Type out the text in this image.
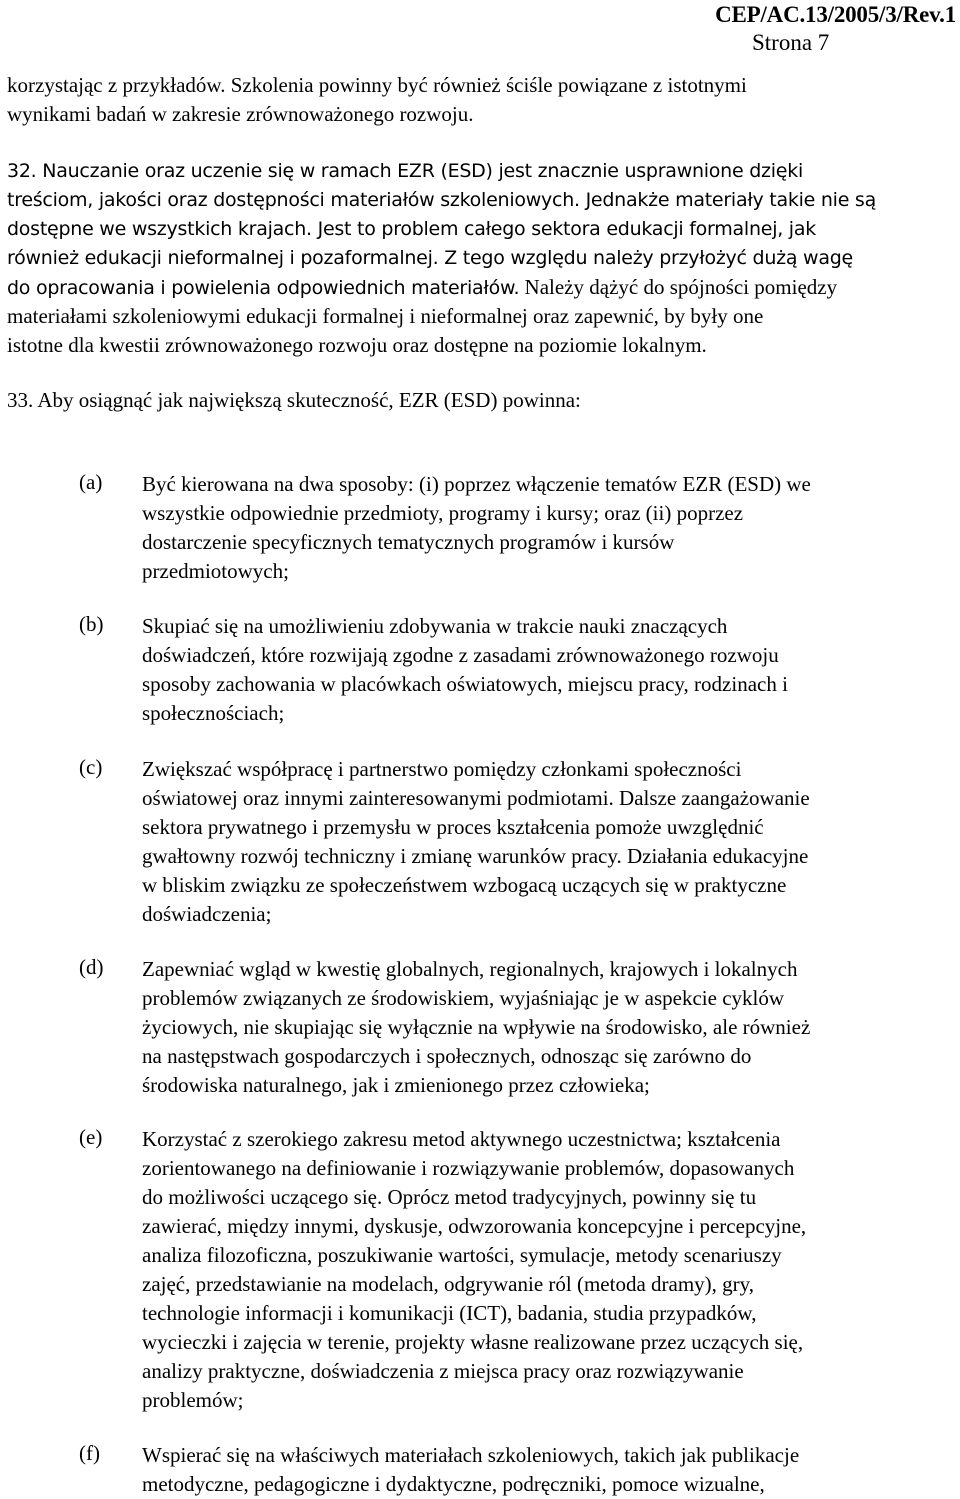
CEP/AC.13/2005/3/Rev.1
Strona 7
korzystając z przykładów. Szkolenia powinny być również ściśle powiązane z istotnymi
wynikami badań w zakresie zrównoważonego rozwoju.
32. Nauczanie oraz uczenie się w ramach EZR (ESD) jest znacznie usprawnione dzięki
treściom, jakości oraz dostępności materiałów szkoleniowych. Jednakże materiały takie nie są
dostępne we wszystkich krajach. Jest to problem całego sektora edukacji formalnej, jak
również edukacji nieformalnej i pozaformalnej. Z tego względu należy przyłożyć dużą wagę
do opracowania i powielenia odpowiednich materiałów. Należy dążyć do spójności pomiędzy
materiałami szkoleniowymi edukacji formalnej i nieformalnej oraz zapewnić, by były one
istotne dla kwestii zrównoważonego rozwoju oraz dostępne na poziomie lokalnym.
33. Aby osiągnąć jak największą skuteczność, EZR (ESD) powinna:
(a) Być kierowana na dwa sposoby: (i) poprzez włączenie tematów EZR (ESD) we
wszystkie odpowiednie przedmioty, programy i kursy; oraz (ii) poprzez
dostarczenie specyficznych tematycznych programów i kursów
przedmiotowych;
(b) Skupiać się na umożliwieniu zdobywania w trakcie nauki znaczących
doświadczeń, które rozwijają zgodne z zasadami zrównoważonego rozwoju
sposoby zachowania w placówkach oświatowych, miejscu pracy, rodzinach i
społecznościach;
(c) Zwiększać współpracę i partnerstwo pomiędzy członkami społeczności
oświatowej oraz innymi zainteresowanymi podmiotami. Dalsze zaangażowanie
sektora prywatnego i przemysłu w proces kształcenia pomoże uwzględnić
gwałtowny rozwój techniczny i zmianę warunków pracy. Działania edukacyjne
w bliskim związku ze społeczeństwem wzbogacą uczących się w praktyczne
doświadczenia;
(d) Zapewniać wgląd w kwestię globalnych, regionalnych, krajowych i lokalnych
problemów związanych ze środowiskiem, wyjaśniając je w aspekcie cyklów
życiowych, nie skupiając się wyłącznie na wpływie na środowisko, ale również
na następstwach gospodarczych i społecznych, odnosząc się zarówno do
środowiska naturalnego, jak i zmienionego przez człowieka;
(e) Korzystać z szerokiego zakresu metod aktywnego uczestnictwa; kształcenia
zorientowanego na definiowanie i rozwiązywanie problemów, dopasowanych
do możliwości uczącego się. Oprócz metod tradycyjnych, powinny się tu
zawierać, między innymi, dyskusje, odwzorowania koncepcyjne i percepcyjne,
analiza filozoficzna, poszukiwanie wartości, symulacje, metody scenariuszy
zajęć, przedstawianie na modelach, odgrywanie ról (metoda dramy), gry,
technologie informacji i komunikacji (ICT), badania, studia przypadków,
wycieczki i zajęcia w terenie, projekty własne realizowane przez uczących się,
analizy praktyczne, doświadczenia z miejsca pracy oraz rozwiązywanie
problemów;
(f) Wspierać się na właściwych materiałach szkoleniowych, takich jak publikacje
metodyczne, pedagogiczne i dydaktyczne, podręczniki, pomoce wizualne,
